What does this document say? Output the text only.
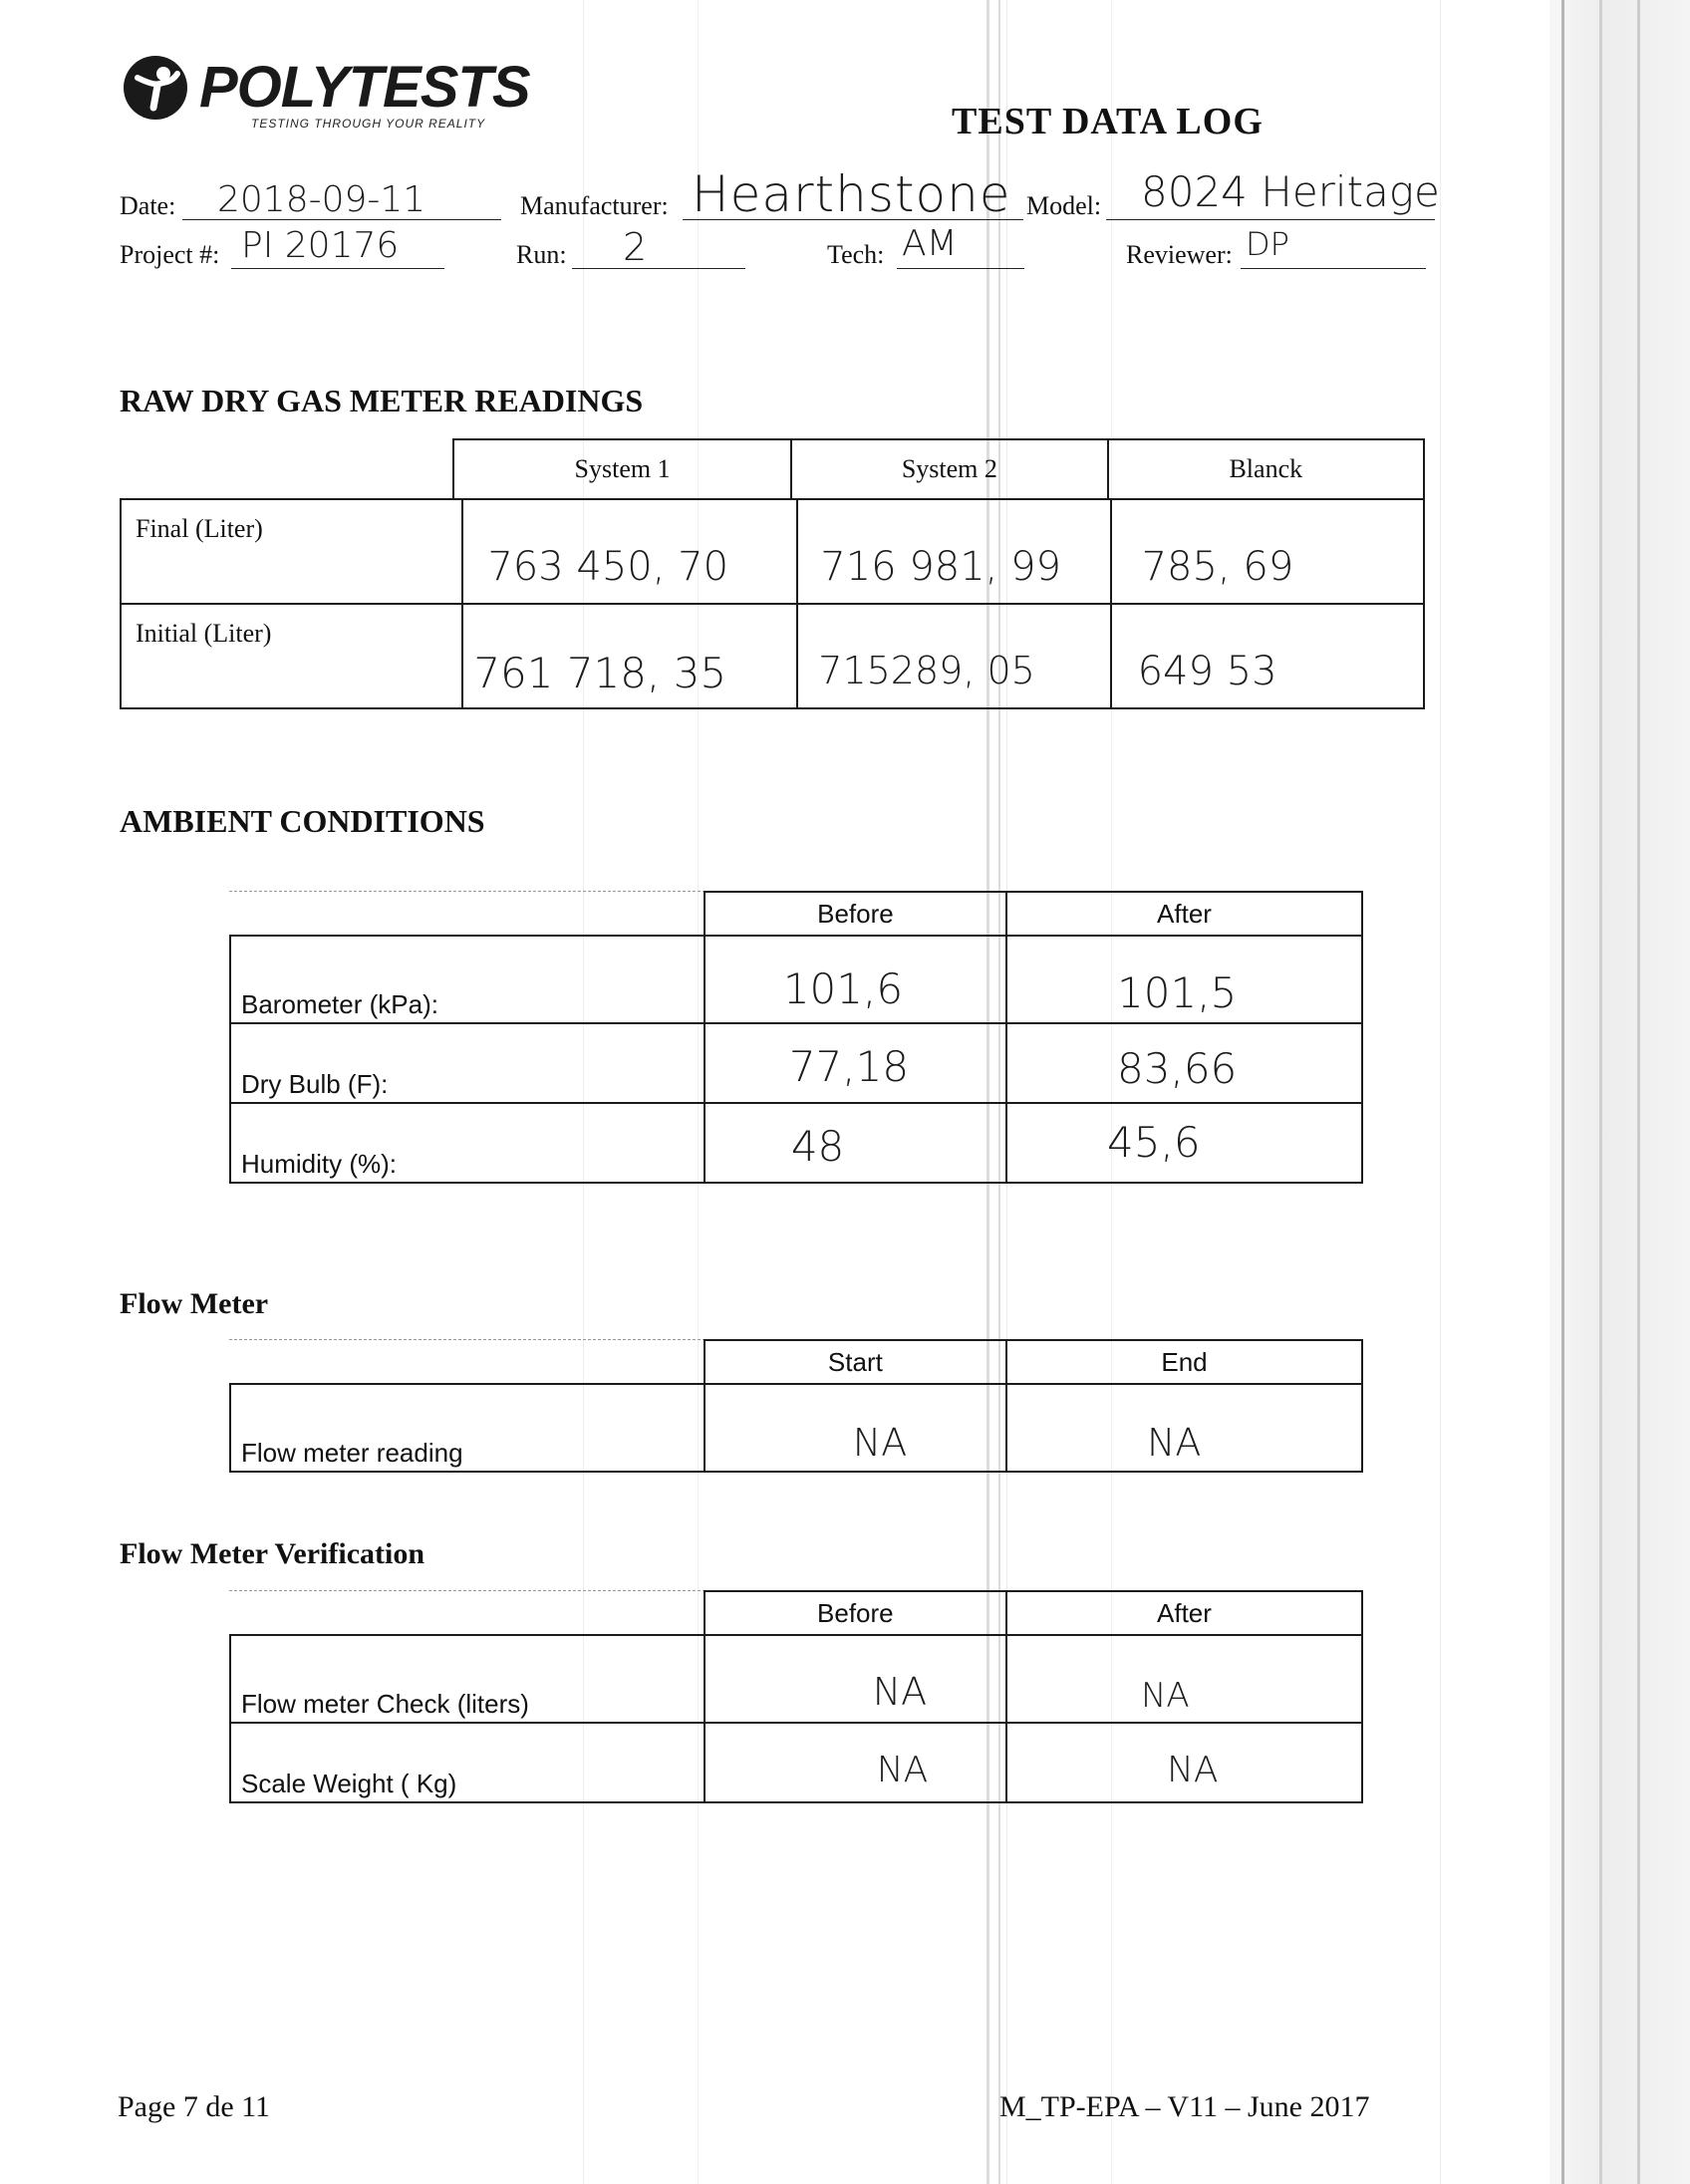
POLYTESTS
TESTING THROUGH YOUR REALITY	TEST DATA LOG
Date: 2018-09-11	Manufacturer: Hearthstone Model: 8024 Heritage
Project #: PI 20176	Run: 2	Tech: AM	Reviewer: DP
RAW DRY GAS METER READINGS
System 1	System 2	Blanck
Final (Liter)	763 450, 70	716 981, 99	785, 69

Initial (Liter)	761 718, 35	715289, 05	649 53
AMBIENT CONDITIONS
	Before	After
Barometer (kPa):	101,6	101,5

Dry Bulb (F):	77,18	83,66

Humidity (%):	48	45,6
Flow Meter
	Start	End
Flow meter reading	NA	NA
Flow Meter Verification
	Before	After
Flow meter Check (liters)	NA	NA

Scale Weight ( Kg)	NA	NA
Page 7 de 11	M_TP-EPA – V11 – June 2017
